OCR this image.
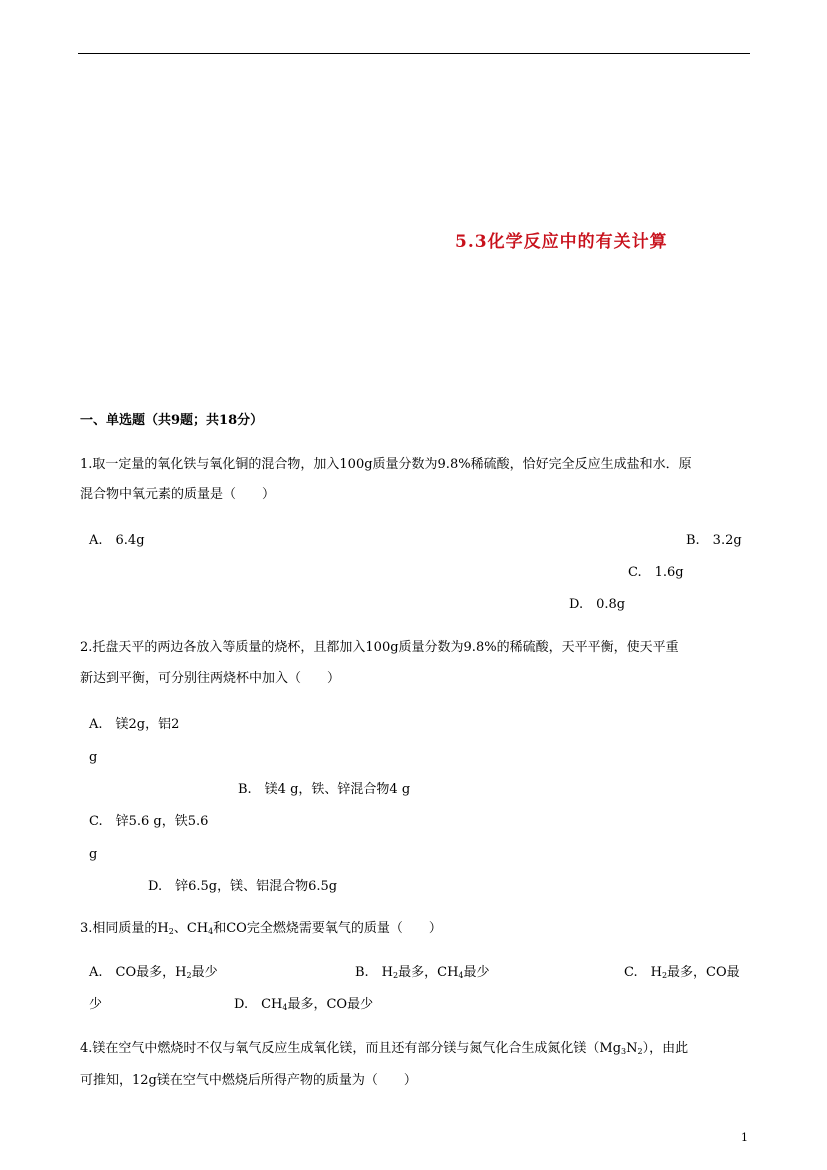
5.3化学反应中的有关计算
一、单选题（共9题；共18分）
1.取一定量的氧化铁与氧化铜的混合物，加入100g质量分数为9.8%稀硫酸，恰好完全反应生成盐和水．原
混合物中氧元素的质量是（　　）
A.　6.4g	B.　3.2g
C.　1.6g
D.　0.8g
2.托盘天平的两边各放入等质量的烧杯，且都加入100g质量分数为9.8%的稀硫酸，天平平衡，使天平重
新达到平衡，可分别往两烧杯中加入（　　）
A.　镁2g，铝2
g
B.　镁4 g，铁、锌混合物4 g
C.　锌5.6 g，铁5.6
g
D.　锌6.5g，镁、铝混合物6.5g
3.相同质量的$H_2$、$CH_4$和CO完全燃烧需要氧气的质量（　　）
A.　CO最多，$H_2$最少	B.　$H_2$最多，$CH_4$最少	C.　$H_2$最多，CO最
少	D.　$CH_4$最多，CO最少
4.镁在空气中燃烧时不仅与氧气反应生成氧化镁，而且还有部分镁与氮气化合生成氮化镁$(Mg_3N_2)$，由此
可推知，12g镁在空气中燃烧后所得产物的质量为（　　）
1
